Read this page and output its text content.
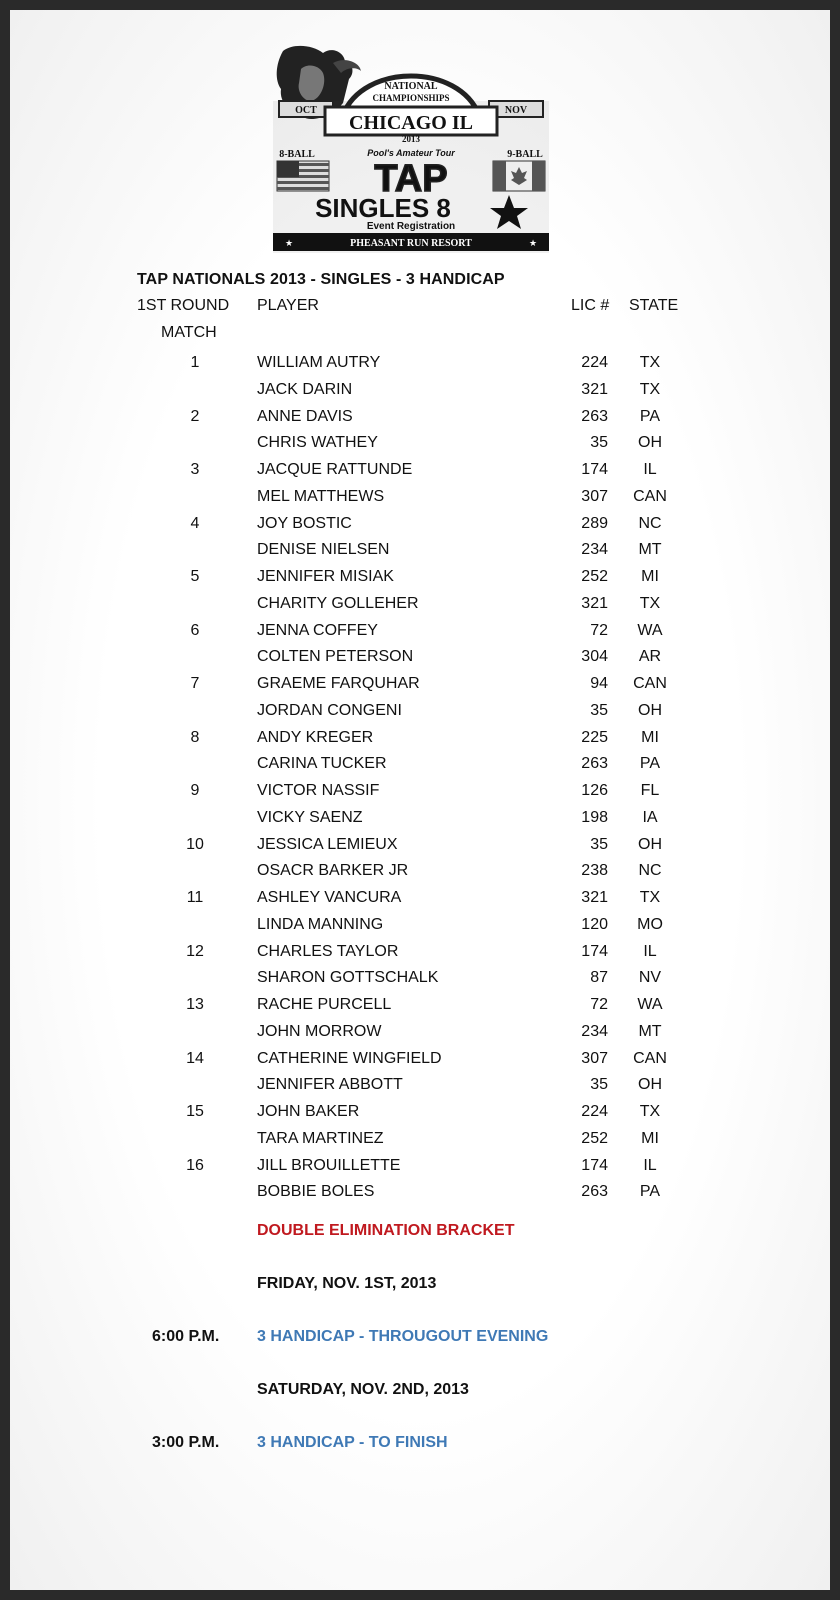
NATIONAL
CHAMPIONSHIPS
OCT	NOV
CHICAGO IL
2013
8-BALL	9-BALL
Pool's Amateur Tour
TAP
SINGLES 8
Event Registration
★	★
PHEASANT RUN RESORT
TAP NATIONALS 2013 - SINGLES - 3 HANDICAP
1ST ROUND
MATCH
PLAYER	LIC # STATE
1	WILLIAM AUTRY	224	TX
JACK DARIN	321	TX
2	ANNE DAVIS	263	PA
CHRIS WATHEY	35	OH
3	JACQUE RATTUNDE	174	IL
MEL MATTHEWS	307	CAN
4	JOY BOSTIC	289	NC
DENISE NIELSEN	234	MT
5	JENNIFER MISIAK	252	MI
CHARITY GOLLEHER	321	TX
6	JENNA COFFEY	72	WA
COLTEN PETERSON	304	AR
7	GRAEME FARQUHAR	94	CAN
JORDAN CONGENI	35	OH
8	ANDY KREGER	225	MI
CARINA TUCKER	263	PA
9	VICTOR NASSIF	126	FL
VICKY SAENZ	198	IA
10	JESSICA LEMIEUX	35	OH
OSACR BARKER JR	238	NC
11	ASHLEY VANCURA	321	TX
LINDA MANNING	120	MO
12	CHARLES TAYLOR	174	IL
SHARON GOTTSCHALK	87	NV
13	RACHE PURCELL	72	WA
JOHN MORROW	234	MT
14	CATHERINE WINGFIELD	307	CAN
JENNIFER ABBOTT	35	OH
15	JOHN BAKER	224	TX
TARA MARTINEZ	252	MI
16	JILL BROUILLETTE	174	IL
BOBBIE BOLES	263	PA
DOUBLE ELIMINATION BRACKET
FRIDAY, NOV. 1ST, 2013
6:00 P.M. 3 HANDICAP - THROUGOUT EVENING
SATURDAY, NOV. 2ND, 2013
3:00 P.M. 3 HANDICAP - TO FINISH
